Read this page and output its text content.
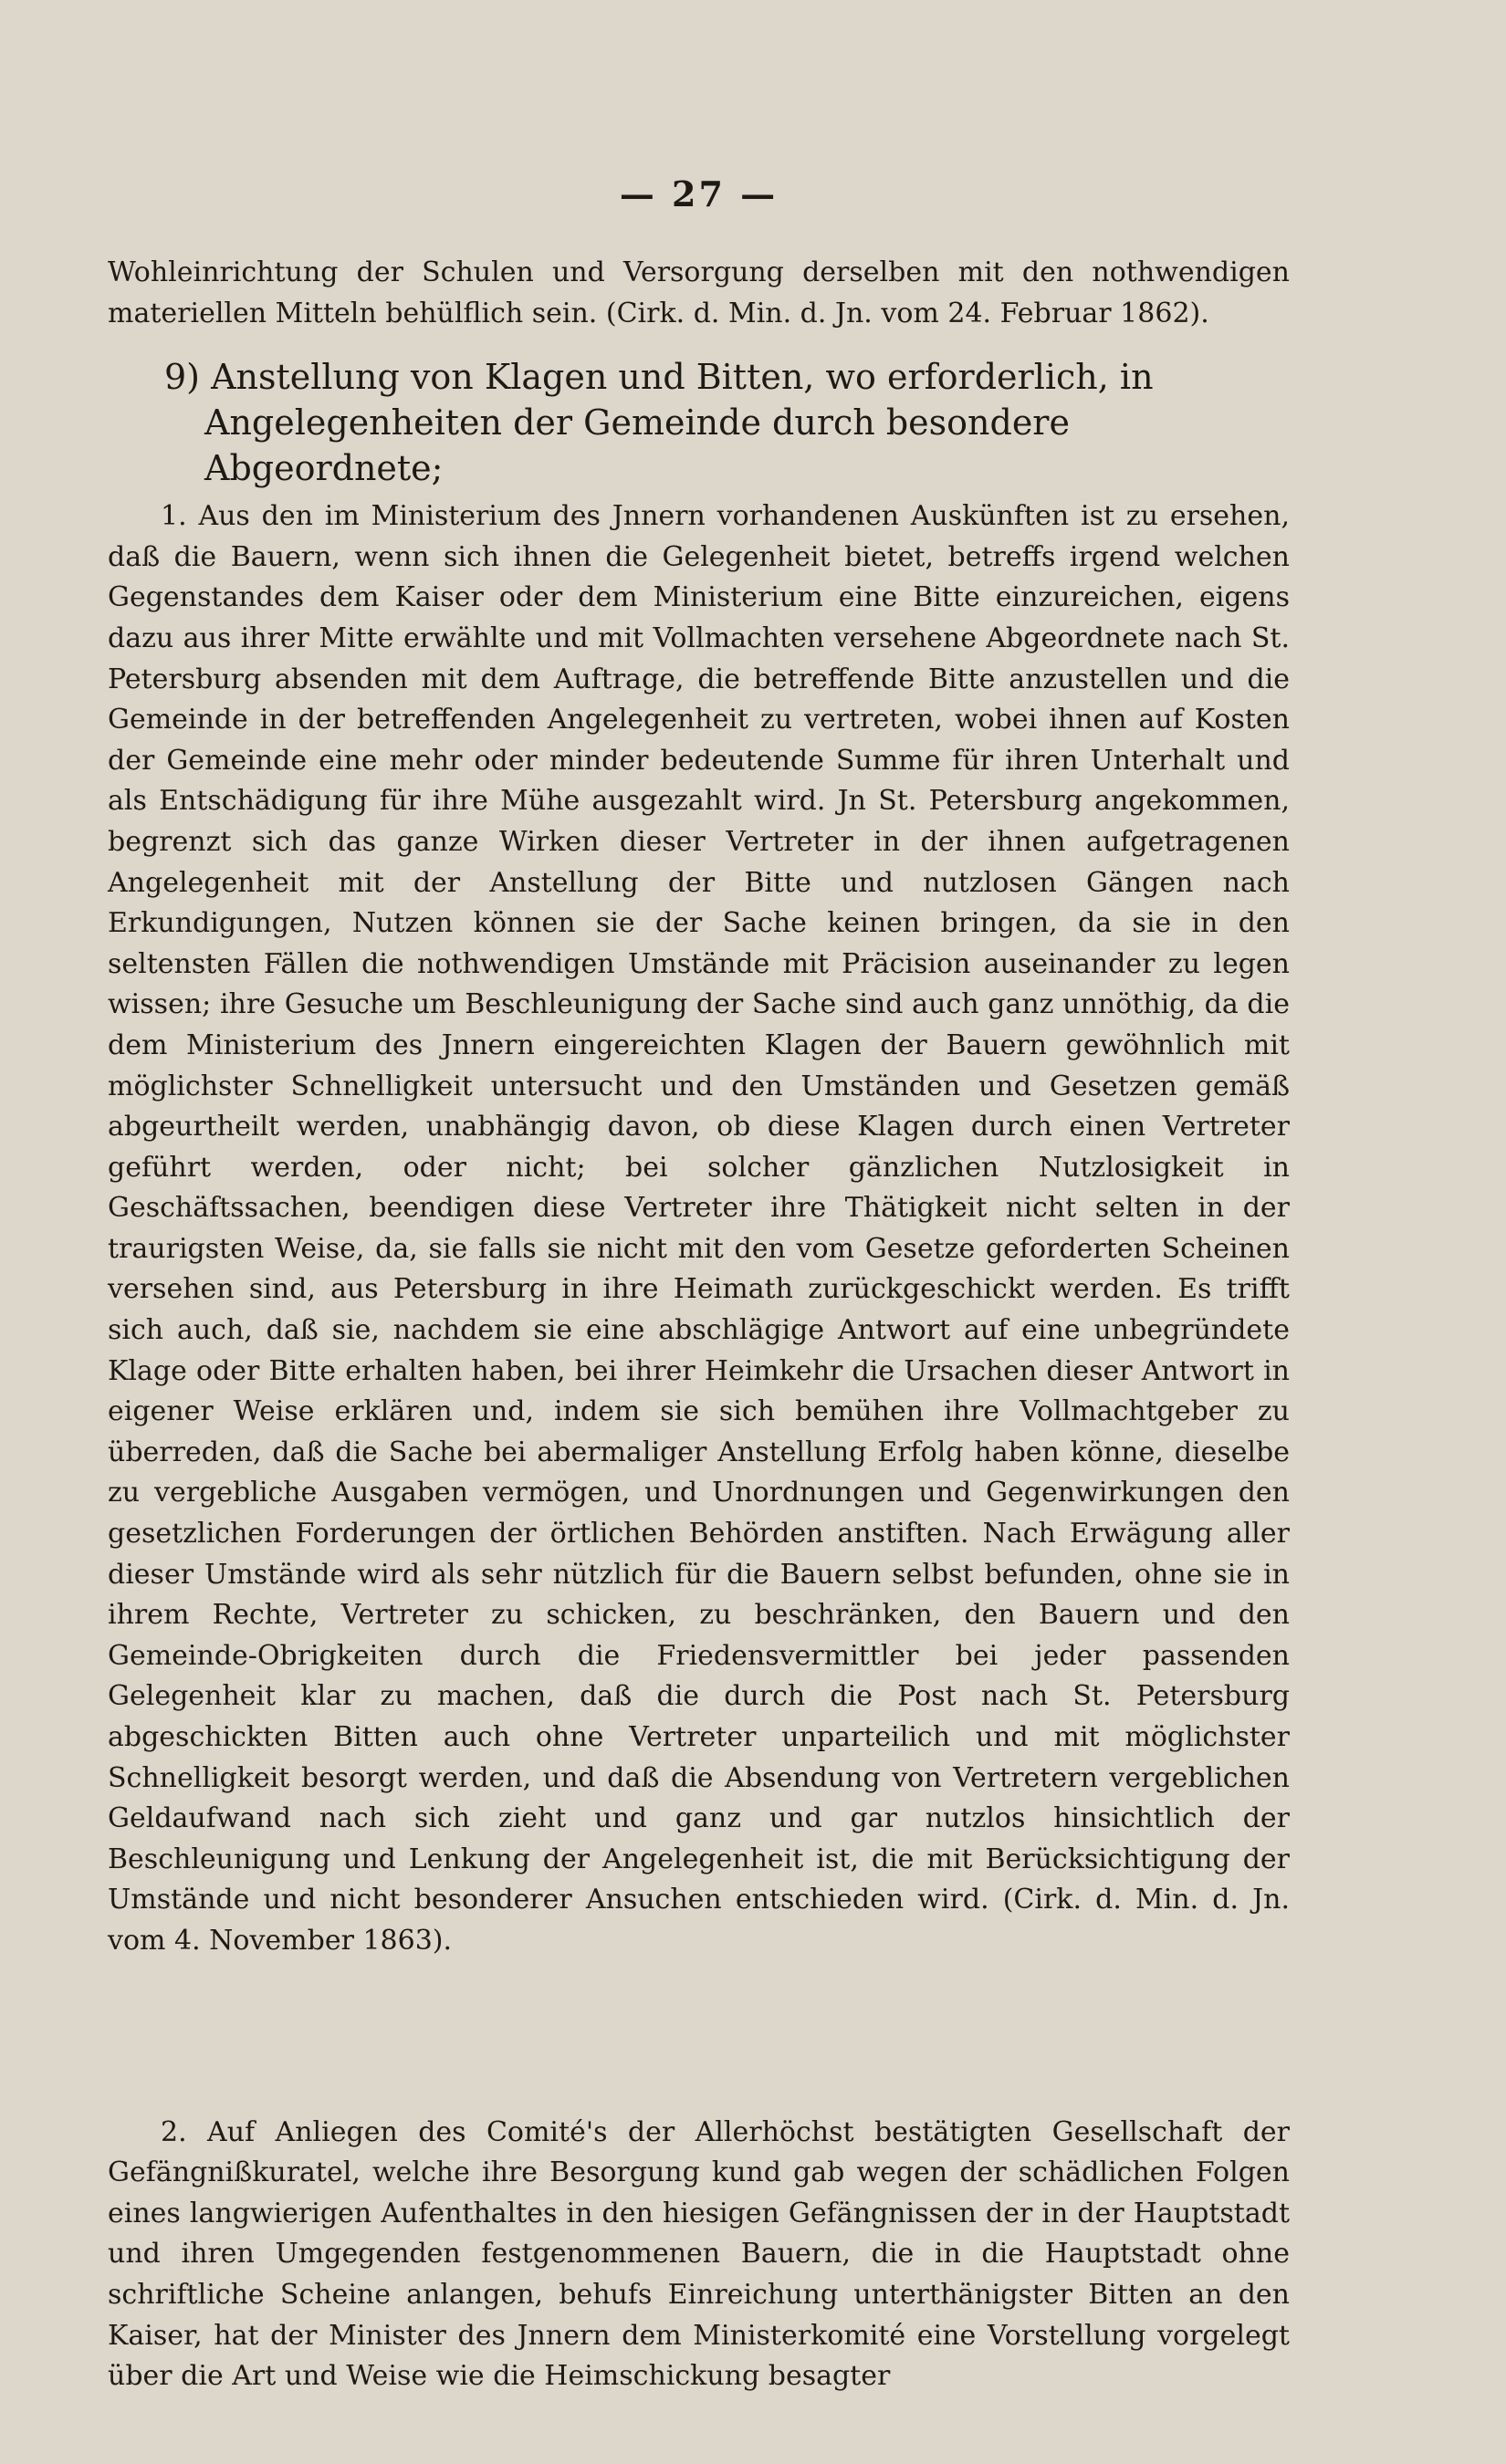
— 27 —

Wohleinrichtung der Schulen und Versorgung derselben mit den nothwendigen materiellen Mitteln behülflich sein. (Cirk. d. Min. d. Jn. vom 24. Februar 1862).

9) Anstellung von Klagen und Bitten, wo erforderlich, in Angelegenheiten der Gemeinde durch besondere Abgeordnete;

1. Aus den im Ministerium des Jnnern vorhandenen Auskünften ist zu ersehen, daß die Bauern, wenn sich ihnen die Gelegenheit bietet, betreffs irgend welchen Gegenstandes dem Kaiser oder dem Ministerium eine Bitte einzureichen, eigens dazu aus ihrer Mitte erwählte und mit Vollmachten versehene Abgeordnete nach St. Petersburg absenden mit dem Auftrage, die betreffende Bitte anzustellen und die Gemeinde in der betreffenden Angelegenheit zu vertreten, wobei ihnen auf Kosten der Gemeinde eine mehr oder minder bedeutende Summe für ihren Unterhalt und als Entschädigung für ihre Mühe ausgezahlt wird. Jn St. Petersburg angekommen, begrenzt sich das ganze Wirken dieser Vertreter in der ihnen aufgetragenen Angelegenheit mit der Anstellung der Bitte und nutzlosen Gängen nach Erkundigungen, Nutzen können sie der Sache keinen bringen, da sie in den seltensten Fällen die nothwendigen Umstände mit Präcision auseinander zu legen wissen; ihre Gesuche um Beschleunigung der Sache sind auch ganz unnöthig, da die dem Ministerium des Jnnern eingereichten Klagen der Bauern gewöhnlich mit möglichster Schnelligkeit untersucht und den Umständen und Gesetzen gemäß abgeurtheilt werden, unabhängig davon, ob diese Klagen durch einen Vertreter geführt werden, oder nicht; bei solcher gänzlichen Nutzlosigkeit in Geschäftssachen, beendigen diese Vertreter ihre Thätigkeit nicht selten in der traurigsten Weise, da, sie falls sie nicht mit den vom Gesetze geforderten Scheinen versehen sind, aus Petersburg in ihre Heimath zurückgeschickt werden. Es trifft sich auch, daß sie, nachdem sie eine abschlägige Antwort auf eine unbegründete Klage oder Bitte erhalten haben, bei ihrer Heimkehr die Ursachen dieser Antwort in eigener Weise erklären und, indem sie sich bemühen ihre Vollmachtgeber zu überreden, daß die Sache bei abermaliger Anstellung Erfolg haben könne, dieselbe zu vergebliche Ausgaben vermögen, und Unordnungen und Gegenwirkungen den gesetzlichen Forderungen der örtlichen Behörden anstiften. Nach Erwägung aller dieser Umstände wird als sehr nützlich für die Bauern selbst befunden, ohne sie in ihrem Rechte, Vertreter zu schicken, zu beschränken, den Bauern und den Gemeinde-Obrigkeiten durch die Friedensvermittler bei jeder passenden Gelegenheit klar zu machen, daß die durch die Post nach St. Petersburg abgeschickten Bitten auch ohne Vertreter unparteilich und mit möglichster Schnelligkeit besorgt werden, und daß die Absendung von Vertretern vergeblichen Geldaufwand nach sich zieht und ganz und gar nutzlos hinsichtlich der Beschleunigung und Lenkung der Angelegenheit ist, die mit Berücksichtigung der Umstände und nicht besonderer Ansuchen entschieden wird. (Cirk. d. Min. d. Jn. vom 4. November 1863).

2. Auf Anliegen des Comité's der Allerhöchst bestätigten Gesellschaft der Gefängnißkuratel, welche ihre Besorgung kund gab wegen der schädlichen Folgen eines langwierigen Aufenthaltes in den hiesigen Gefängnissen der in der Hauptstadt und ihren Umgegenden festgenommenen Bauern, die in die Hauptstadt ohne schriftliche Scheine anlangen, behufs Einreichung unterthänigster Bitten an den Kaiser, hat der Minister des Jnnern dem Ministerkomité eine Vorstellung vorgelegt über die Art und Weise wie die Heimschickung besagter
